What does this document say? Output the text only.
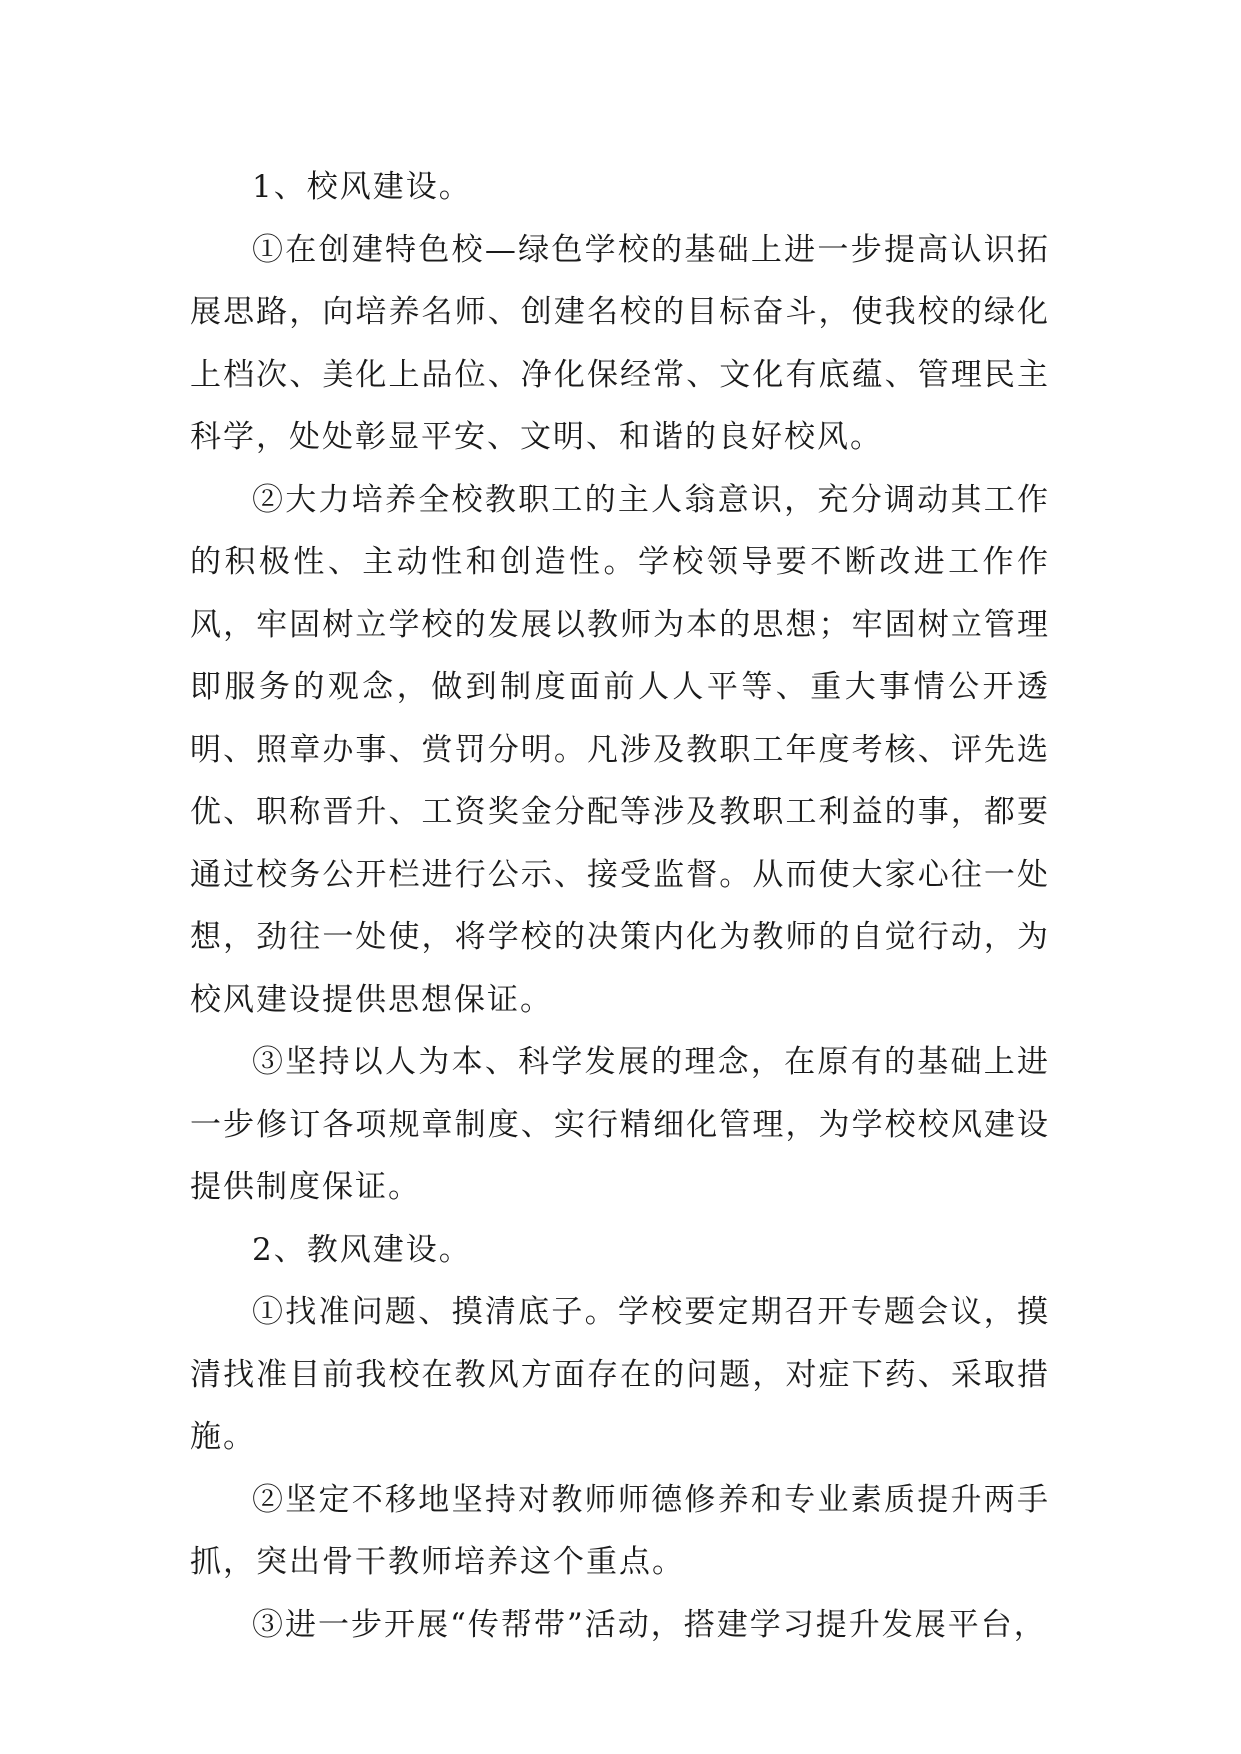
1、校风建设。

①在创建特色校—绿色学校的基础上进一步提高认识拓展思路，向培养名师、创建名校的目标奋斗，使我校的绿化上档次、美化上品位、净化保经常、文化有底蕴、管理民主科学，处处彰显平安、文明、和谐的良好校风。

②大力培养全校教职工的主人翁意识，充分调动其工作的积极性、主动性和创造性。学校领导要不断改进工作作风，牢固树立学校的发展以教师为本的思想；牢固树立管理即服务的观念，做到制度面前人人平等、重大事情公开透明、照章办事、赏罚分明。凡涉及教职工年度考核、评先选优、职称晋升、工资奖金分配等涉及教职工利益的事，都要通过校务公开栏进行公示、接受监督。从而使大家心往一处想，劲往一处使，将学校的决策内化为教师的自觉行动，为校风建设提供思想保证。

③坚持以人为本、科学发展的理念，在原有的基础上进一步修订各项规章制度、实行精细化管理，为学校校风建设提供制度保证。

2、教风建设。

①找准问题、摸清底子。学校要定期召开专题会议，摸清找准目前我校在教风方面存在的问题，对症下药、采取措施。

②坚定不移地坚持对教师师德修养和专业素质提升两手抓，突出骨干教师培养这个重点。

③进一步开展“传帮带”活动，搭建学习提升发展平台，
